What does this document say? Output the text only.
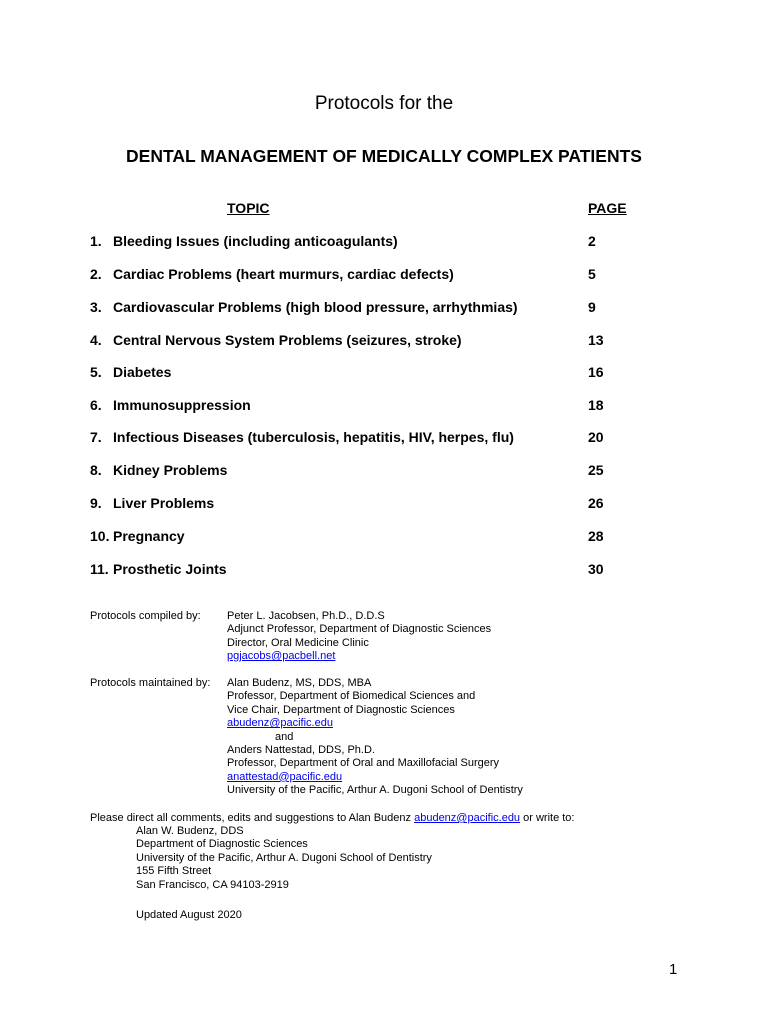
Protocols for the
DENTAL MANAGEMENT OF MEDICALLY COMPLEX PATIENTS
TOPIC	PAGE
1. Bleeding Issues (including anticoagulants)	2
2. Cardiac Problems (heart murmurs, cardiac defects)	5
3. Cardiovascular Problems (high blood pressure, arrhythmias)	9
4. Central Nervous System Problems (seizures, stroke)	13
5. Diabetes	16
6. Immunosuppression	18
7. Infectious Diseases (tuberculosis, hepatitis, HIV, herpes, flu)	20
8. Kidney Problems	25
9. Liver Problems	26
10. Pregnancy	28
11. Prosthetic Joints	30
Protocols compiled by: Peter L. Jacobsen, Ph.D., D.D.S
Adjunct Professor, Department of Diagnostic Sciences
Director, Oral Medicine Clinic
pgjacobs@pacbell.net
Protocols maintained by: Alan Budenz, MS, DDS, MBA
Professor, Department of Biomedical Sciences and
Vice Chair, Department of Diagnostic Sciences
abudenz@pacific.edu
and
Anders Nattestad, DDS, Ph.D.
Professor, Department of Oral and Maxillofacial Surgery
anattestad@pacific.edu
University of the Pacific, Arthur A. Dugoni School of Dentistry
Please direct all comments, edits and suggestions to Alan Budenz abudenz@pacific.edu or write to:
Alan W. Budenz, DDS
Department of Diagnostic Sciences
University of the Pacific, Arthur A. Dugoni School of Dentistry
155 Fifth Street
San Francisco, CA 94103-2919
Updated August 2020
1
